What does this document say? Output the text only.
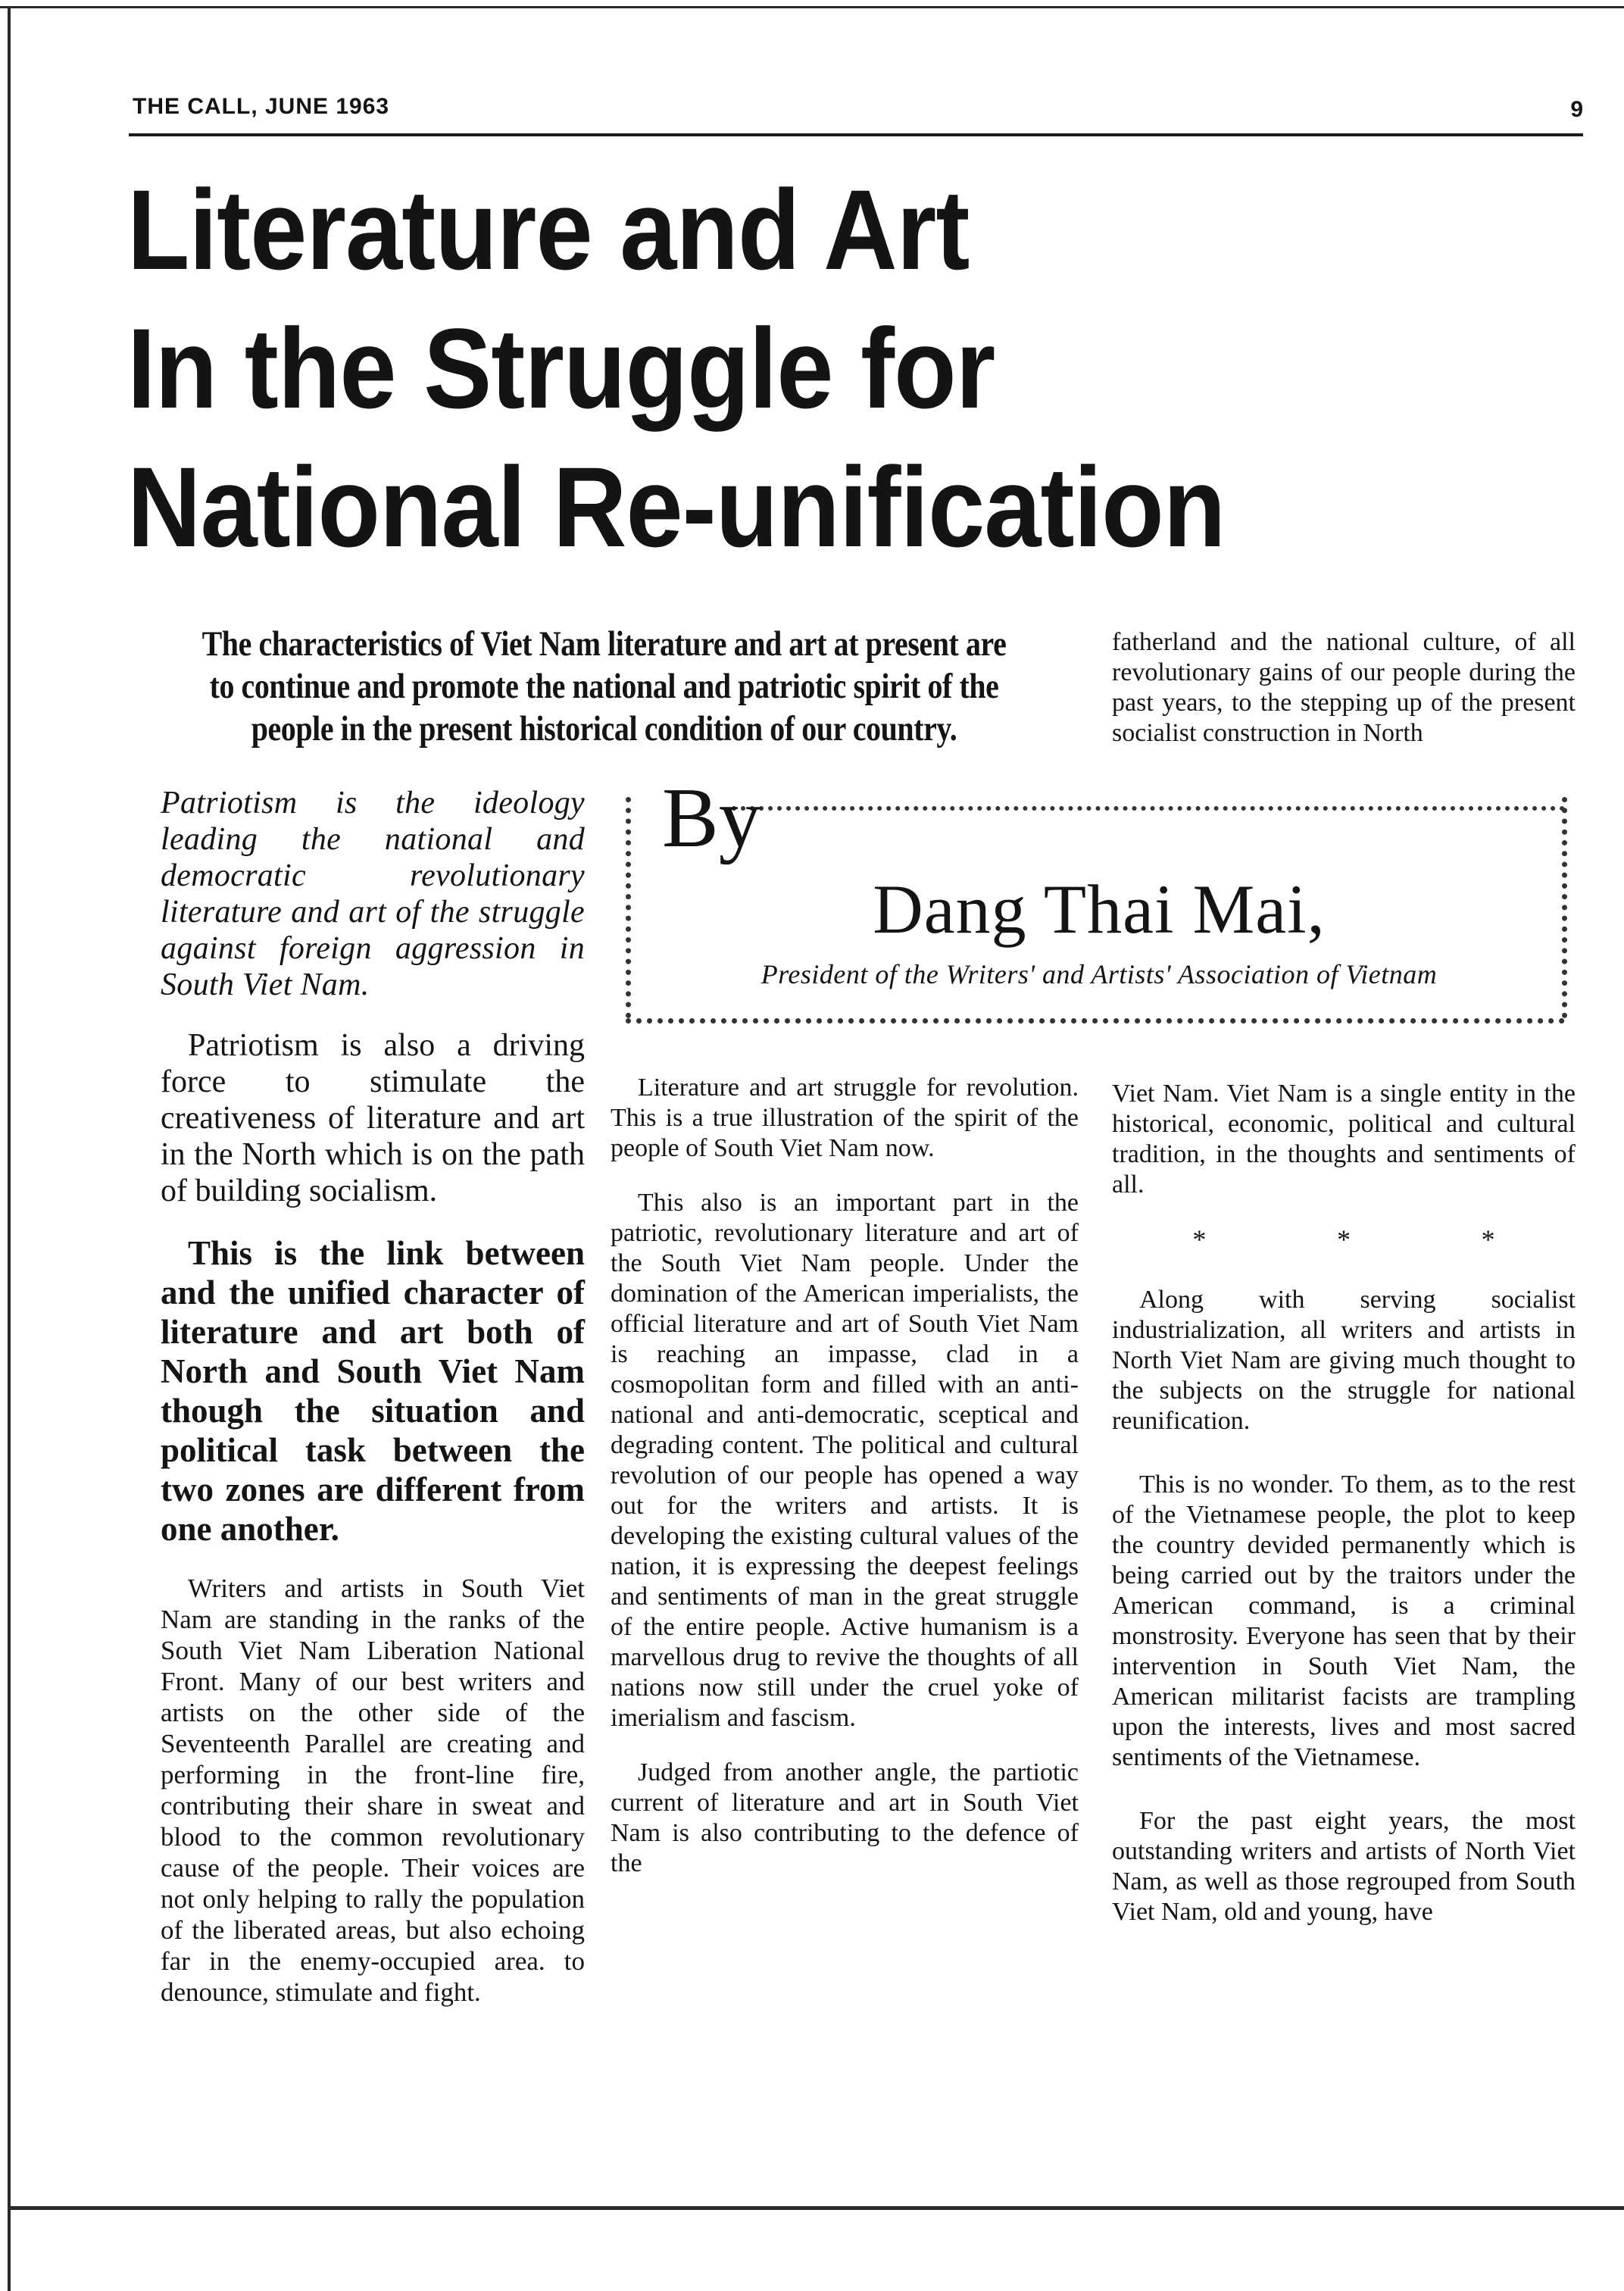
THE CALL, JUNE 1963	9
Literature and Art
In the Struggle for
National Re-unification
The characteristics of Viet Nam literature and art at present are to continue and promote the national and patriotic spirit of the people in the present historical condition of our country.
By
Dang Thai Mai,
President of the Writers' and Artists' Association of Vietnam

Patriotism is the ideology leading the national and democratic revolutionary literature and art of the struggle against foreign aggression in South Viet Nam.

Patriotism is also a driving force to stimulate the creativeness of literature and art in the North which is on the path of building socialism.

This is the link between and the unified character of literature and art both of North and South Viet Nam though the situation and political task between the two zones are different from one another.

Writers and artists in South Viet Nam are standing in the ranks of the South Viet Nam Liberation National Front. Many of our best writers and artists on the other side of the Seventeenth Parallel are creating and performing in the front-line fire, contributing their share in sweat and blood to the common revolutionary cause of the people. Their voices are not only helping to rally the population of the liberated areas, but also echoing far in the enemy-occupied area. to denounce, stimulate and fight.

Literature and art struggle for revolution. This is a true illustration of the spirit of the people of South Viet Nam now.

This also is an important part in the patriotic, revolutionary literature and art of the South Viet Nam people. Under the domination of the American imperialists, the official literature and art of South Viet Nam is reaching an impasse, clad in a cosmopolitan form and filled with an anti-national and anti-democratic, sceptical and degrading content. The political and cultural revolution of our people has opened a way out for the writers and artists. It is developing the existing cultural values of the nation, it is expressing the deepest feelings and sentiments of man in the great struggle of the entire people. Active humanism is a marvellous drug to revive the thoughts of all nations now still under the cruel yoke of imerialism and fascism.

Judged from another angle, the partiotic current of literature and art in South Viet Nam is also contributing to the defence of the

fatherland and the national culture, of all revolutionary gains of our people during the past years, to the stepping up of the present socialist construction in North

Viet Nam. Viet Nam is a single entity in the historical, economic, political and cultural tradition, in the thoughts and sentiments of all.

*	*	*

Along with serving socialist industrialization, all writers and artists in North Viet Nam are giving much thought to the subjects on the struggle for national reunification.

This is no wonder. To them, as to the rest of the Vietnamese people, the plot to keep the country devided permanently which is being carried out by the traitors under the American command, is a criminal monstrosity. Everyone has seen that by their intervention in South Viet Nam, the American militarist facists are trampling upon the interests, lives and most sacred sentiments of the Vietnamese.

For the past eight years, the most outstanding writers and artists of North Viet Nam, as well as those regrouped from South Viet Nam, old and young, have
